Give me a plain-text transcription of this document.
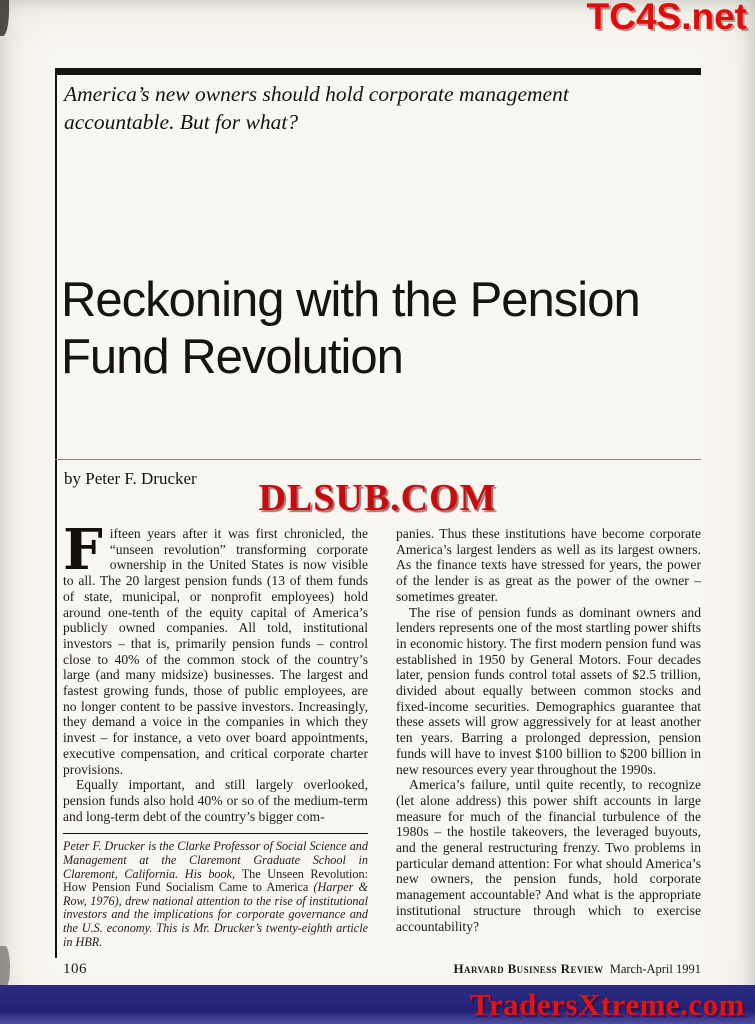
TC4S.net
America’s new owners should hold corporate management accountable. But for what?
Reckoning with the Pension
Fund Revolution
by Peter F. Drucker	DLSUB.COM

Fifteen years after it was first chronicled, the “unseen revolution” transforming corporate ownership in the United States is now visible to all. The 20 largest pension funds (13 of them funds of state, municipal, or nonprofit employees) hold around one-tenth of the equity capital of America’s publicly owned companies. All told, institutional investors – that is, primarily pension funds – control close to 40% of the common stock of the country’s large (and many midsize) businesses. The largest and fastest growing funds, those of public employees, are no longer content to be passive investors. Increasingly, they demand a voice in the companies in which they invest – for instance, a veto over board appointments, executive compensation, and critical corporate charter provisions.

Equally important, and still largely overlooked, pension funds also hold 40% or so of the medium-term and long-term debt of the country’s bigger com-

Peter F. Drucker is the Clarke Professor of Social Science and Management at the Claremont Graduate School in Claremont, California. His book, The Unseen Revolution: How Pension Fund Socialism Came to America (Harper & Row, 1976), drew national attention to the rise of institutional investors and the implications for corporate governance and the U.S. economy. This is Mr. Drucker’s twenty-eighth article in HBR.

panies. Thus these institutions have become corporate America’s largest lenders as well as its largest owners. As the finance texts have stressed for years, the power of the lender is as great as the power of the owner – sometimes greater.

The rise of pension funds as dominant owners and lenders represents one of the most startling power shifts in economic history. The first modern pension fund was established in 1950 by General Motors. Four decades later, pension funds control total assets of $2.5 trillion, divided about equally between common stocks and fixed-income securities. Demographics guarantee that these assets will grow aggressively for at least another ten years. Barring a prolonged depression, pension funds will have to invest $100 billion to $200 billion in new resources every year throughout the 1990s.

America’s failure, until quite recently, to recognize (let alone address) this power shift accounts in large measure for much of the financial turbulence of the 1980s – the hostile takeovers, the leveraged buyouts, and the general restructuring frenzy. Two problems in particular demand attention: For what should America’s new owners, the pension funds, hold corporate management accountable? And what is the appropriate institutional structure through which to exercise accountability?

106	Harvard Business Review March-April 1991
TradersXtreme.com
